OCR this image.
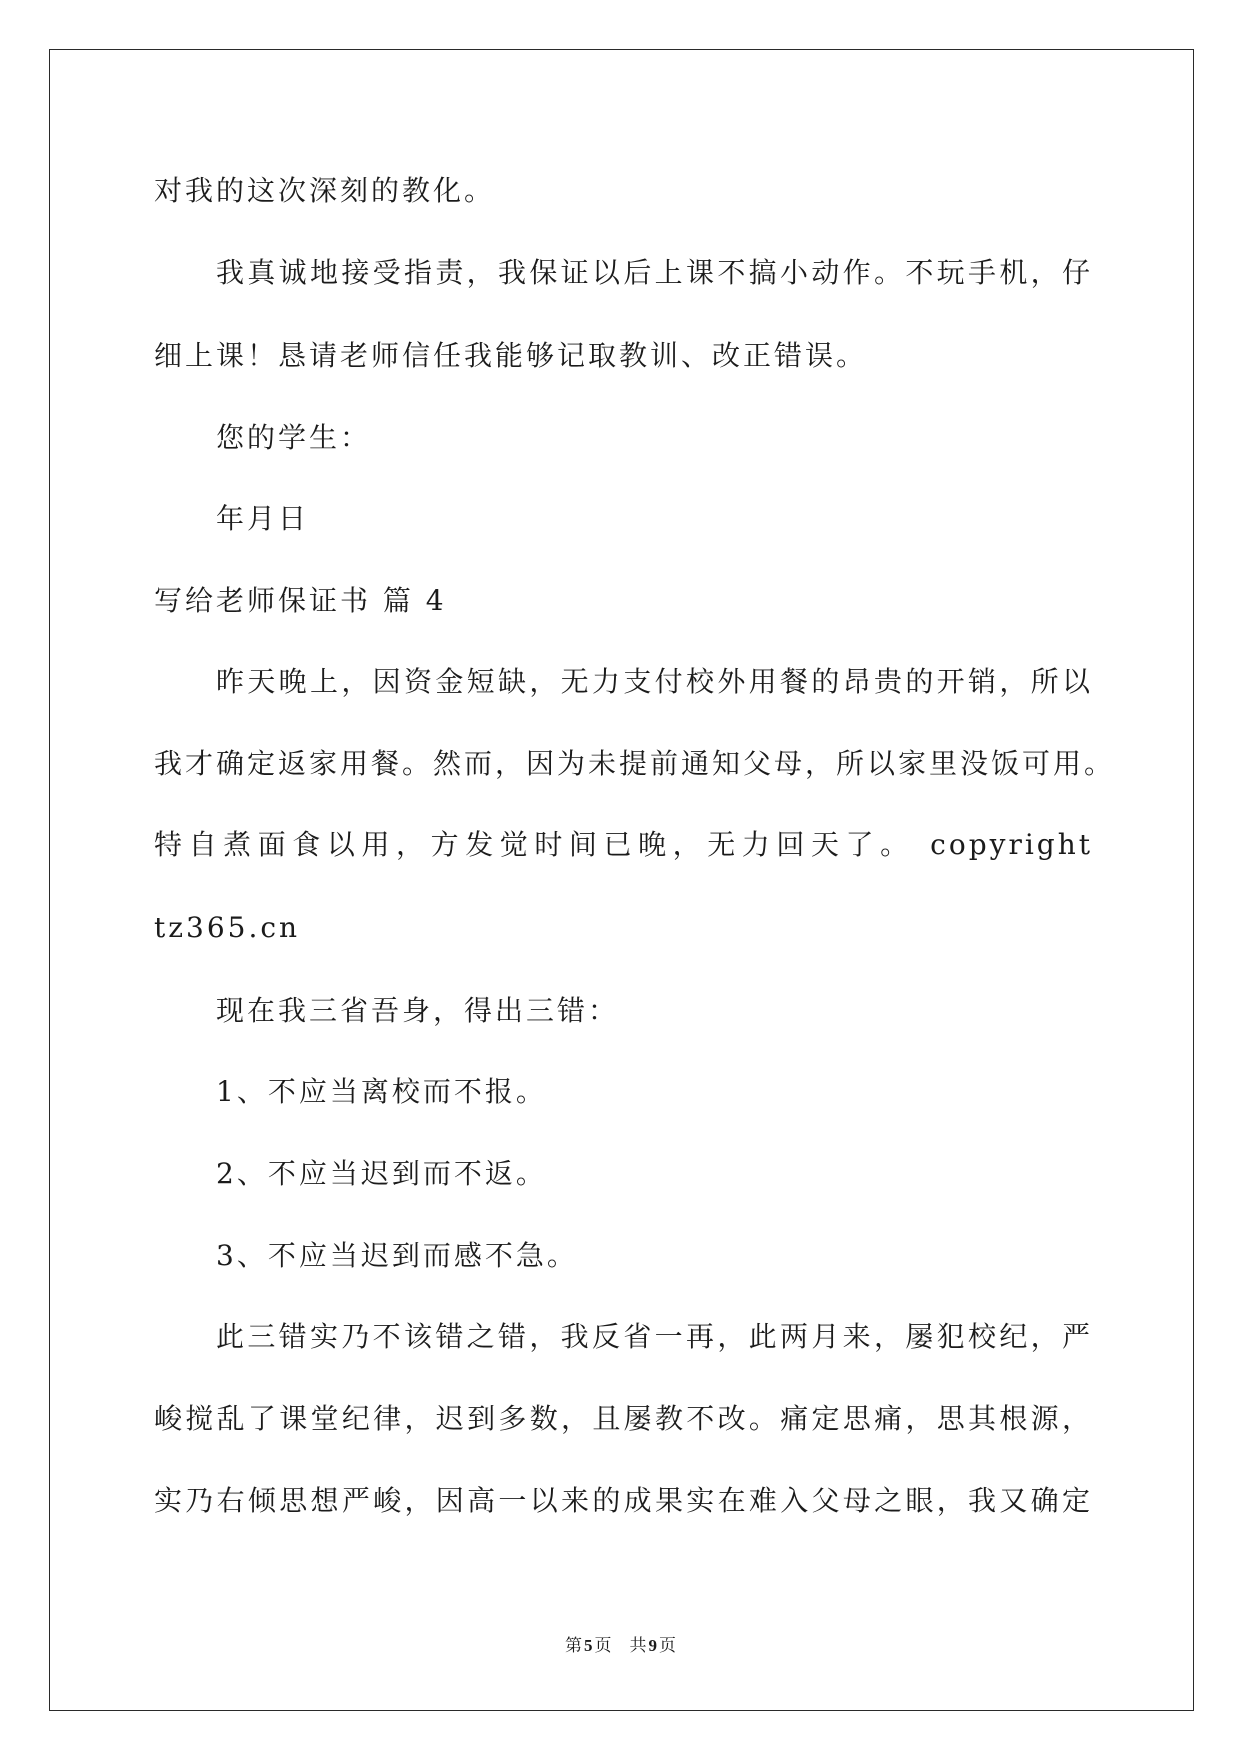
对我的这次深刻的教化。
我真诚地接受指责，我保证以后上课不搞小动作。不玩手机，仔
细上课！恳请老师信任我能够记取教训、改正错误。
您的学生：
年月日
写给老师保证书 篇 4
昨天晚上，因资金短缺，无力支付校外用餐的昂贵的开销，所以
我才确定返家用餐。然而，因为未提前通知父母，所以家里没饭可用。
特自煮面食以用，方发觉时间已晚，无力回天了。 copyright
tz365.cn
现在我三省吾身，得出三错：
1、不应当离校而不报。
2、不应当迟到而不返。
3、不应当迟到而感不急。
此三错实乃不该错之错，我反省一再，此两月来，屡犯校纪，严
峻搅乱了课堂纪律，迟到多数，且屡教不改。痛定思痛，思其根源，
实乃右倾思想严峻，因高一以来的成果实在难入父母之眼，我又确定
第 5 页 共 9 页
